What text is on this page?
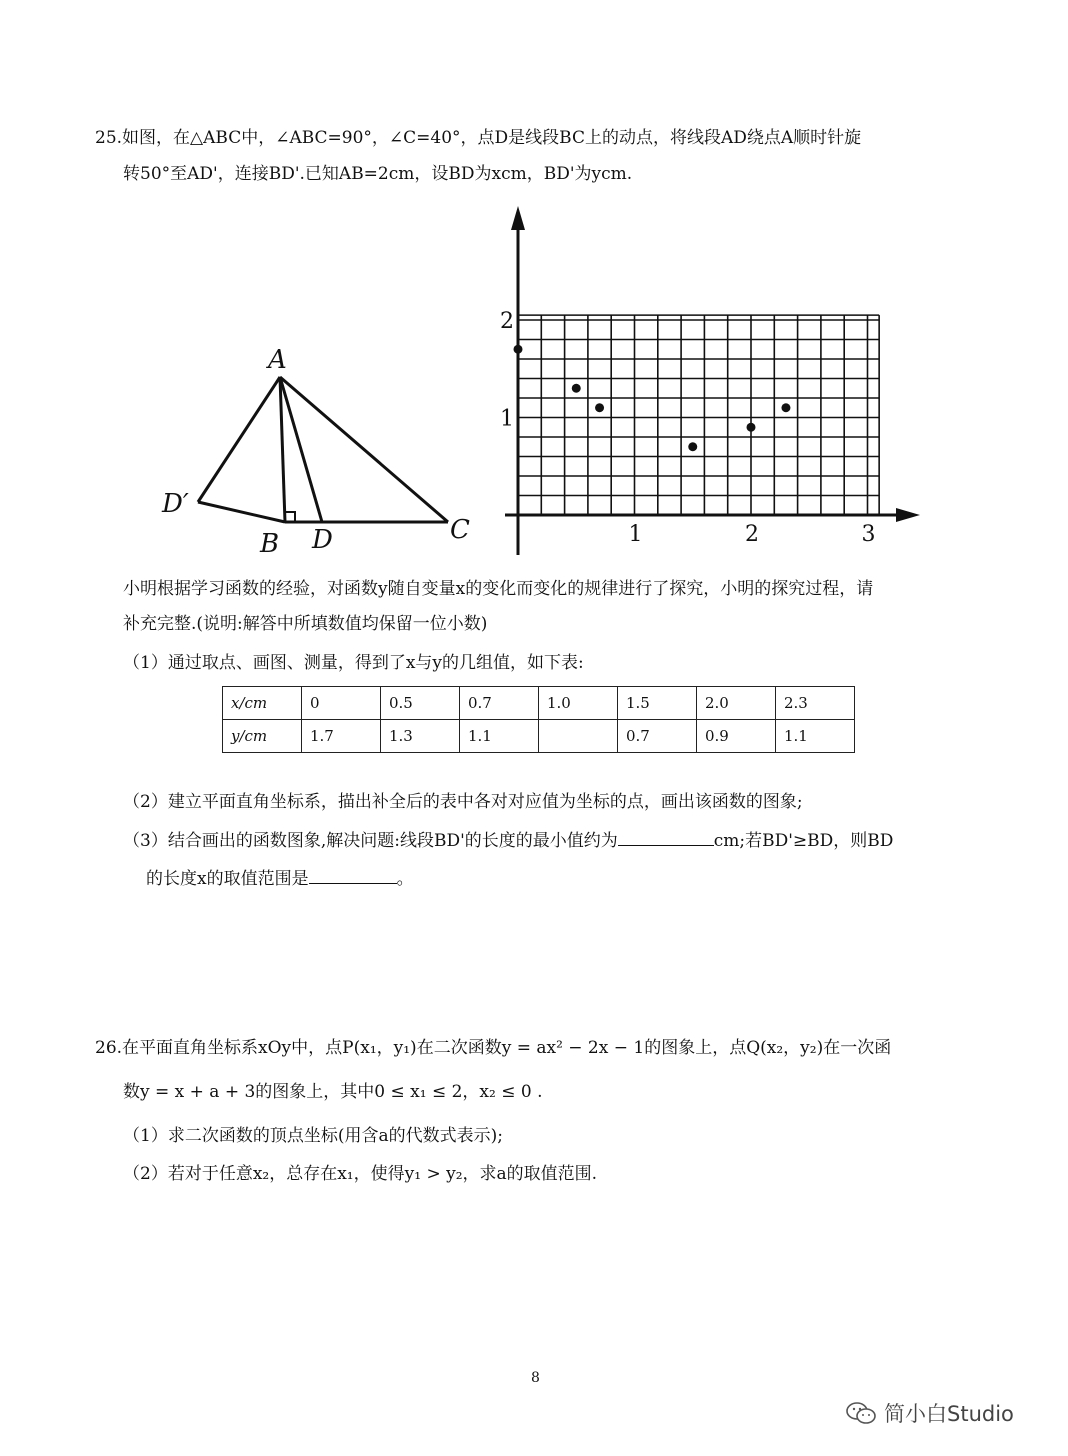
25.如图，在△ABC中，∠ABC=90°，∠C=40°，点D是线段BC上的动点，将线段AD绕点A顺时针旋
转50°至AD'，连接BD'.已知AB=2cm，设BD为xcm，BD'为ycm.
A
D′
B D	C	1	2	3
1
2
小明根据学习函数的经验，对函数y随自变量x的变化而变化的规律进行了探究，小明的探究过程，请
补充完整.(说明:解答中所填数值均保留一位小数)
（1）通过取点、画图、测量，得到了x与y的几组值，如下表:
x/cm	0	0.5	0.7	1.0	1.5	2.0	2.3
y/cm	1.7	1.3	1.1		0.7	0.9	1.1
（2）建立平面直角坐标系，描出补全后的表中各对对应值为坐标的点，画出该函数的图象;
（3）结合画出的函数图象,解决问题:线段BD'的长度的最小值约为	cm;若BD'≥BD，则BD
的长度x的取值范围是	。
26.在平面直角坐标系xOy中，点P(x₁，y₁)在二次函数y = ax² − 2x − 1的图象上，点Q(x₂，y₂)在一次函
数y = x + a + 3的图象上，其中0 ≤ x₁ ≤ 2，x₂ ≤ 0 .
（1）求二次函数的顶点坐标(用含a的代数式表示);
（2）若对于任意x₂，总存在x₁，使得y₁ > y₂，求a的取值范围.
8
简小白Studio
